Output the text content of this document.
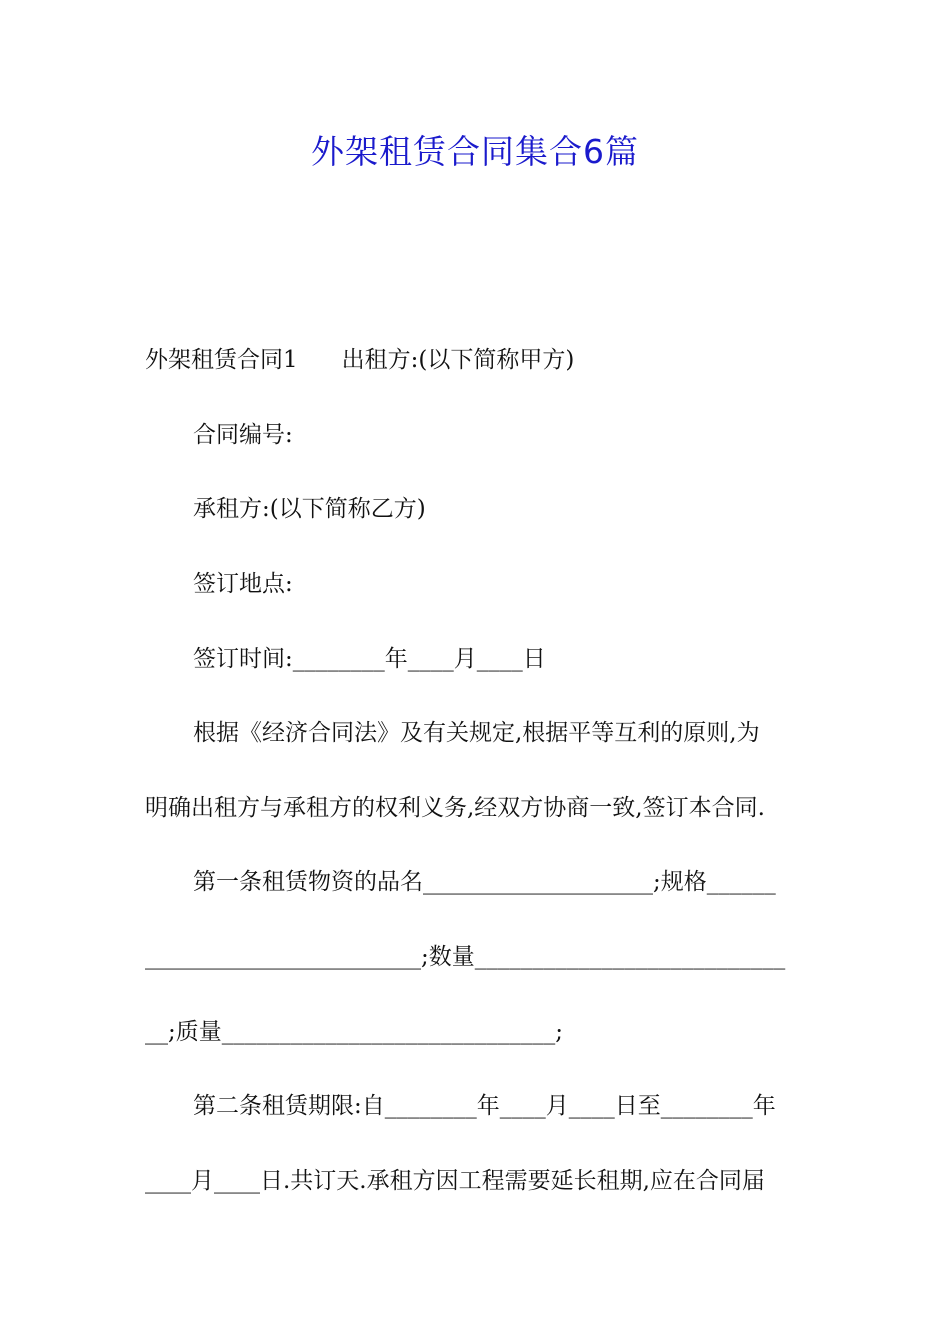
外架租赁合同集合6篇

外架租赁合同1 出租方:(以下简称甲方)

合同编号:

承租方:(以下简称乙方)

签订地点:

签订时间:________年____月____日

根据《经济合同法》及有关规定,根据平等互利的原则,为

明确出租方与承租方的权利义务,经双方协商一致,签订本合同.

第一条租赁物资的品名____________________;规格______

________________________;数量___________________________

__;质量_____________________________;

第二条租赁期限:自________年____月____日至________年

____月____日.共订天.承租方因工程需要延长租期,应在合同届
